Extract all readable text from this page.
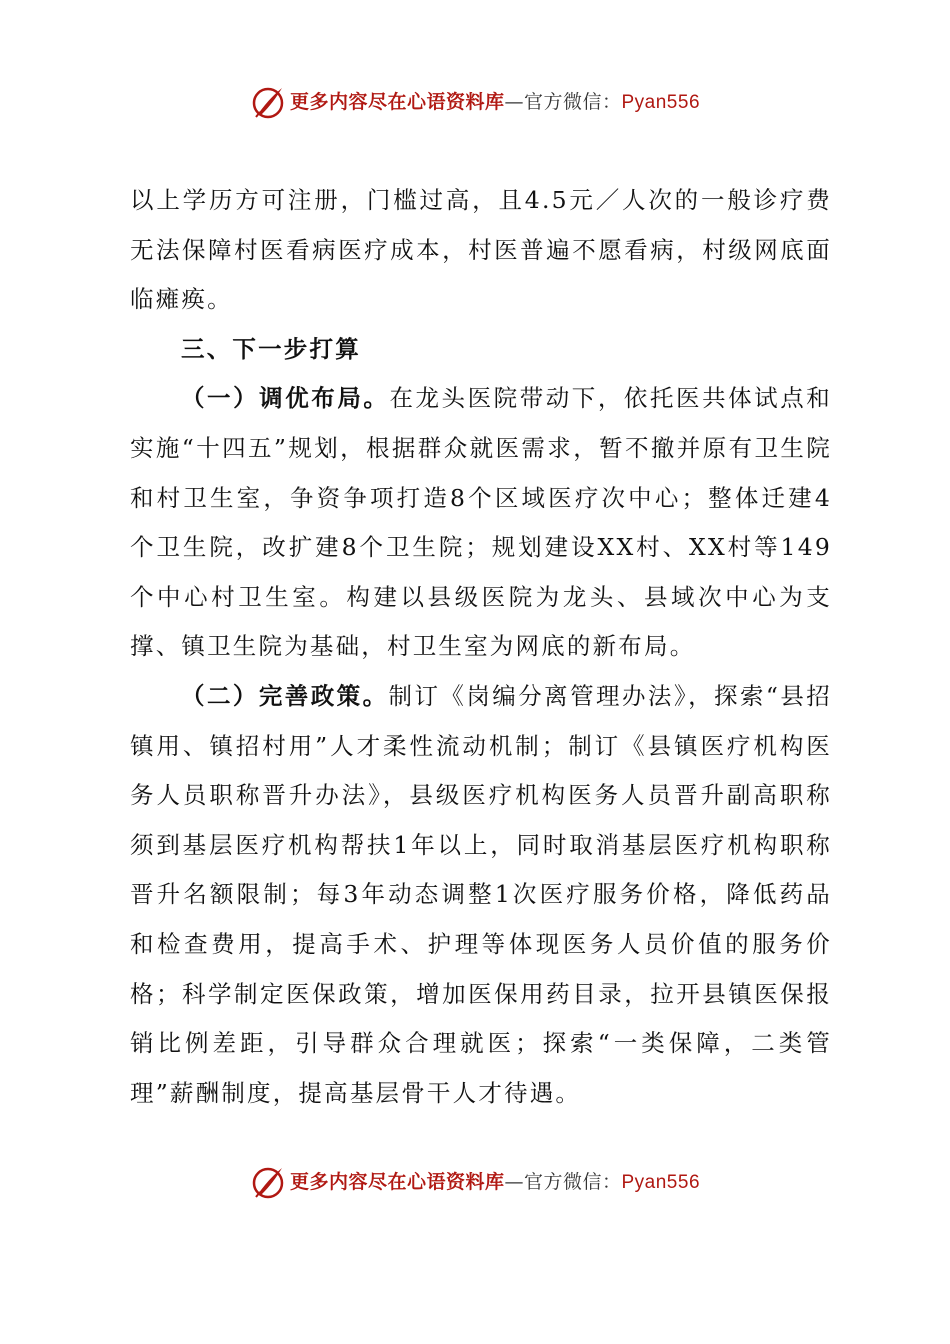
更多内容尽在心语资料库—官方微信：Pyan556

以上学历方可注册，门槛过高，且4.5元／人次的一般诊疗费无法保障村医看病医疗成本，村医普遍不愿看病，村级网底面临瘫痪。

三、下一步打算

（一）调优布局。在龙头医院带动下，依托医共体试点和实施“十四五”规划，根据群众就医需求，暂不撤并原有卫生院和村卫生室，争资争项打造8个区域医疗次中心；整体迁建4个卫生院，改扩建8个卫生院；规划建设XX村、XX村等149个中心村卫生室。构建以县级医院为龙头、县域次中心为支撑、镇卫生院为基础，村卫生室为网底的新布局。

（二）完善政策。制订《岗编分离管理办法》，探索“县招镇用、镇招村用”人才柔性流动机制；制订《县镇医疗机构医务人员职称晋升办法》，县级医疗机构医务人员晋升副高职称须到基层医疗机构帮扶1年以上，同时取消基层医疗机构职称晋升名额限制；每3年动态调整1次医疗服务价格，降低药品和检查费用，提高手术、护理等体现医务人员价值的服务价格；科学制定医保政策，增加医保用药目录，拉开县镇医保报销比例差距，引导群众合理就医；探索“一类保障，二类管理”薪酬制度，提高基层骨干人才待遇。

更多内容尽在心语资料库—官方微信：Pyan556
